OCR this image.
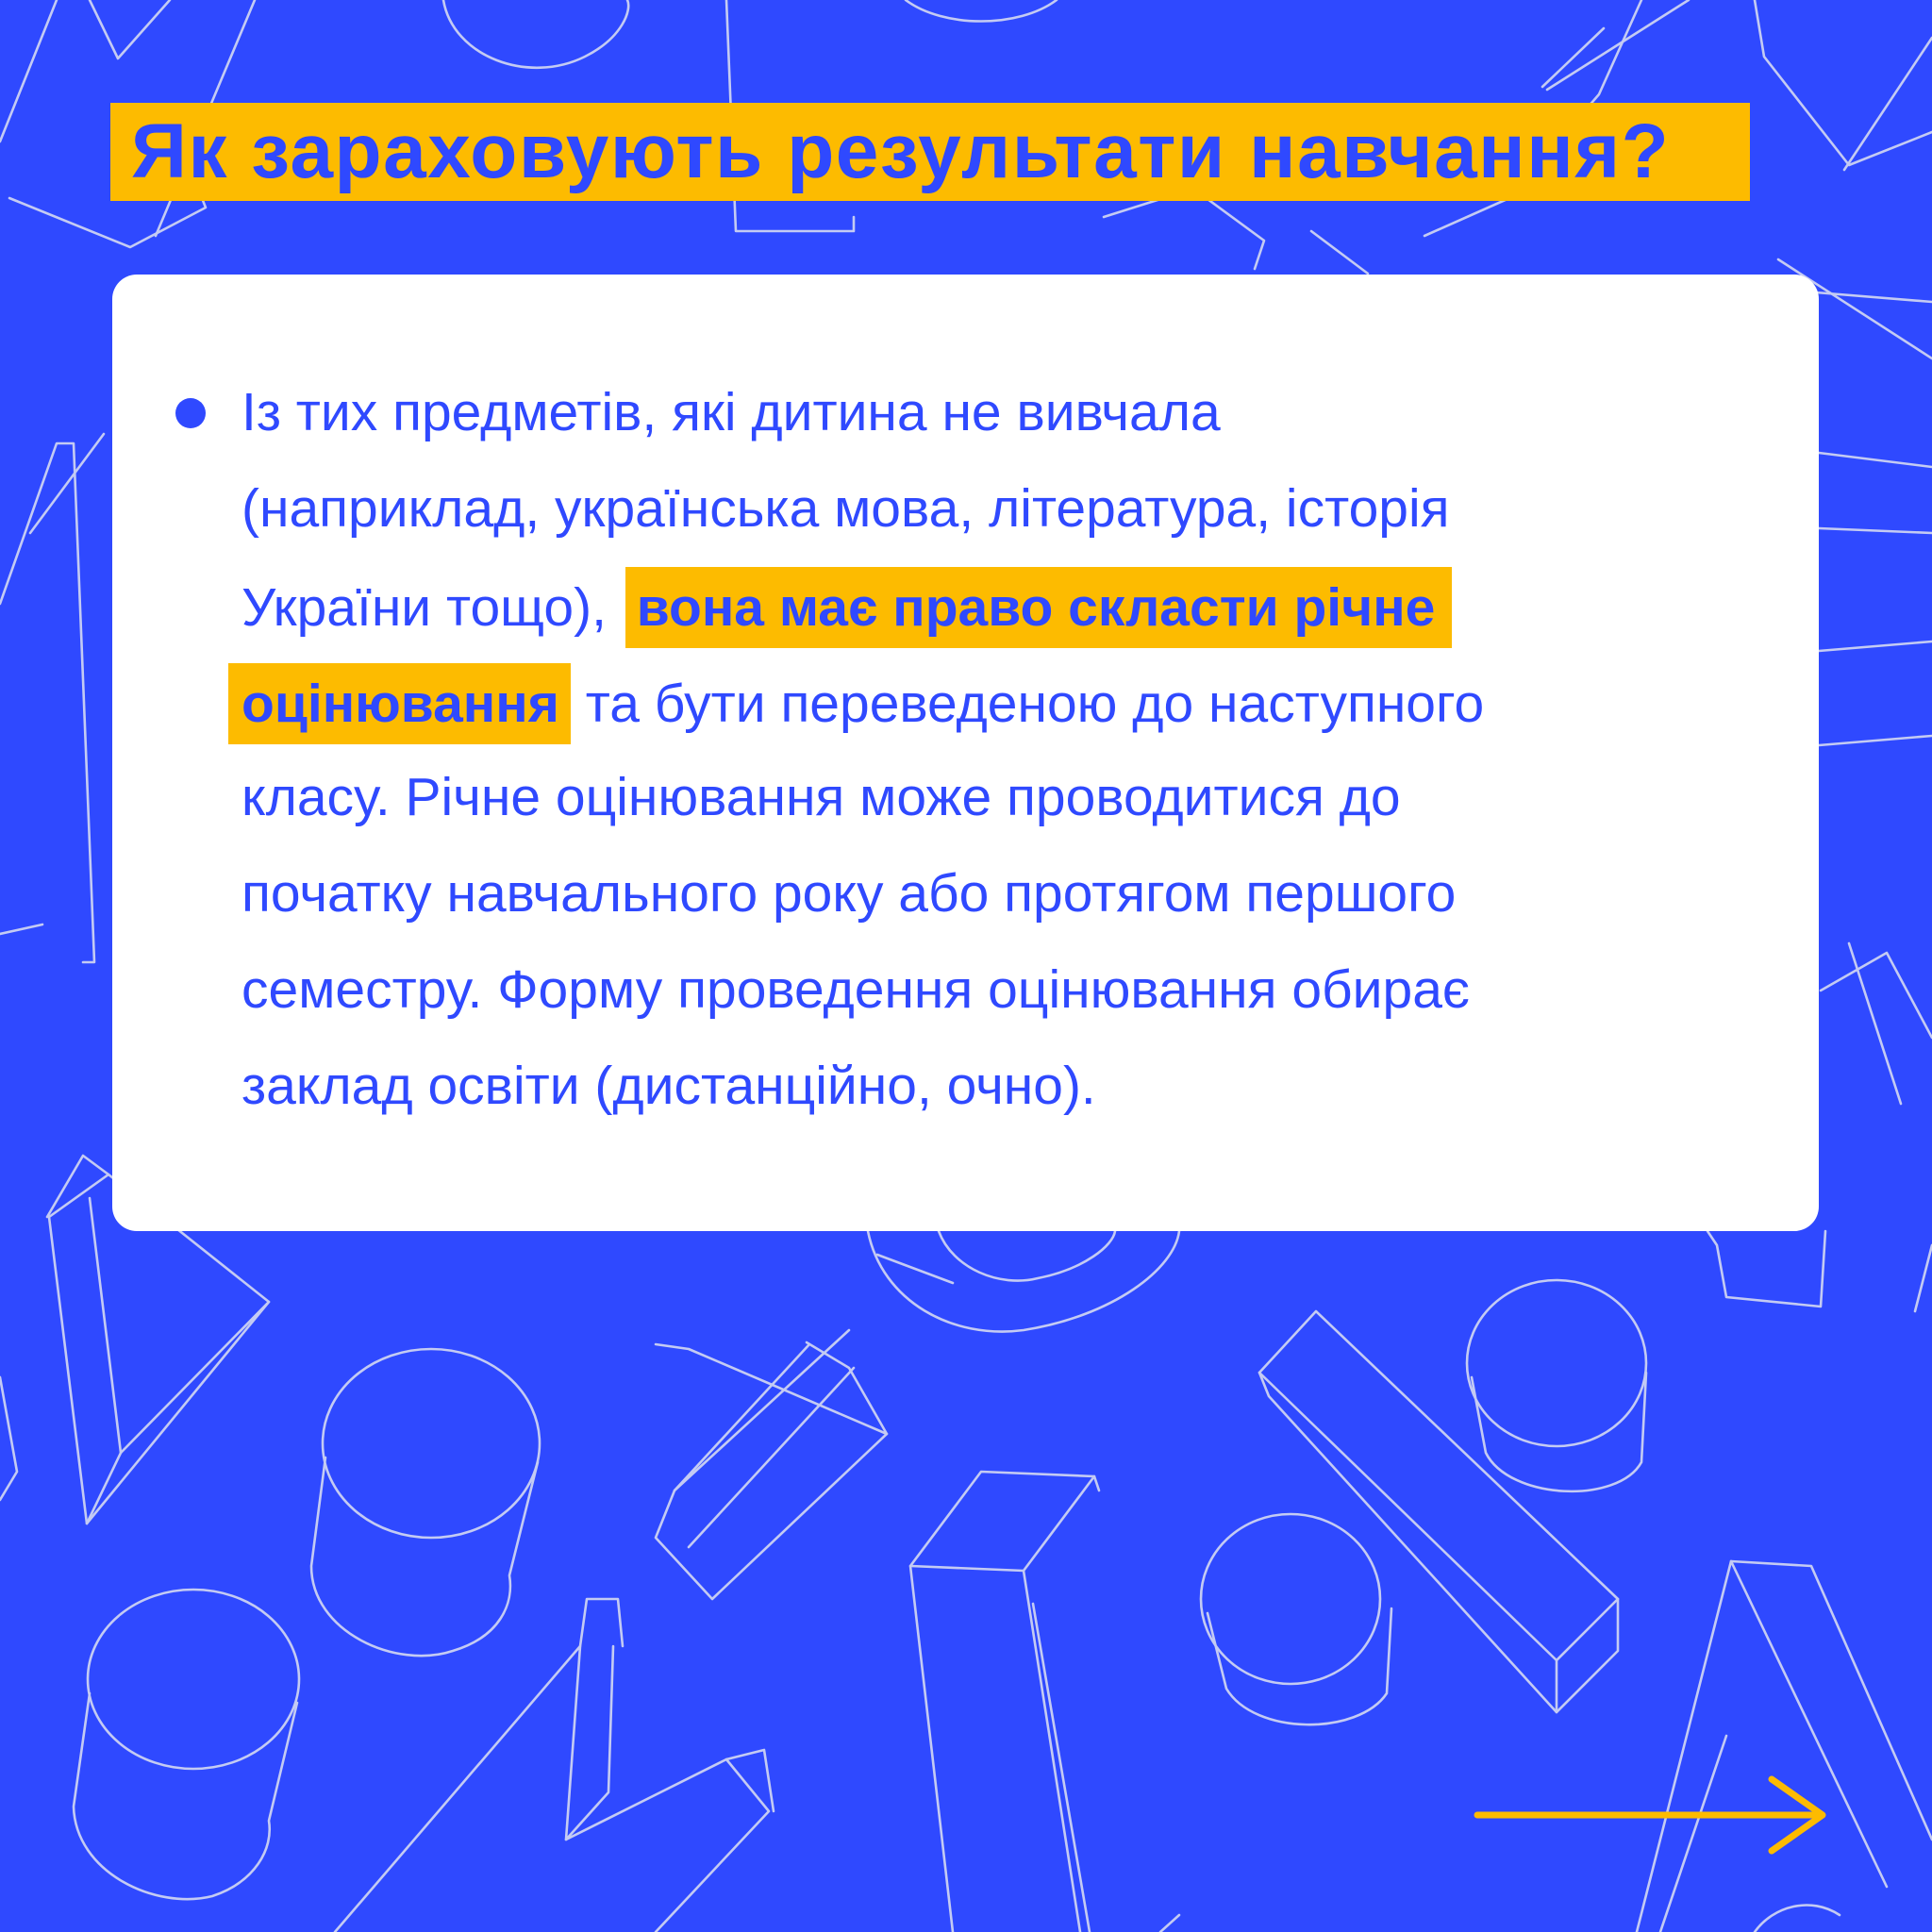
Як зараховують результати навчання?
Із тих предметів, які дитина не вивчала
(наприклад, українська мова, література, історія
України тощо), вона має право скласти річне
оцінювання та бути переведеною до наступного
класу. Річне оцінювання може проводитися до
початку навчального року або протягом першого
семестру. Форму проведення оцінювання обирає
заклад освіти (дистанційно, очно).
